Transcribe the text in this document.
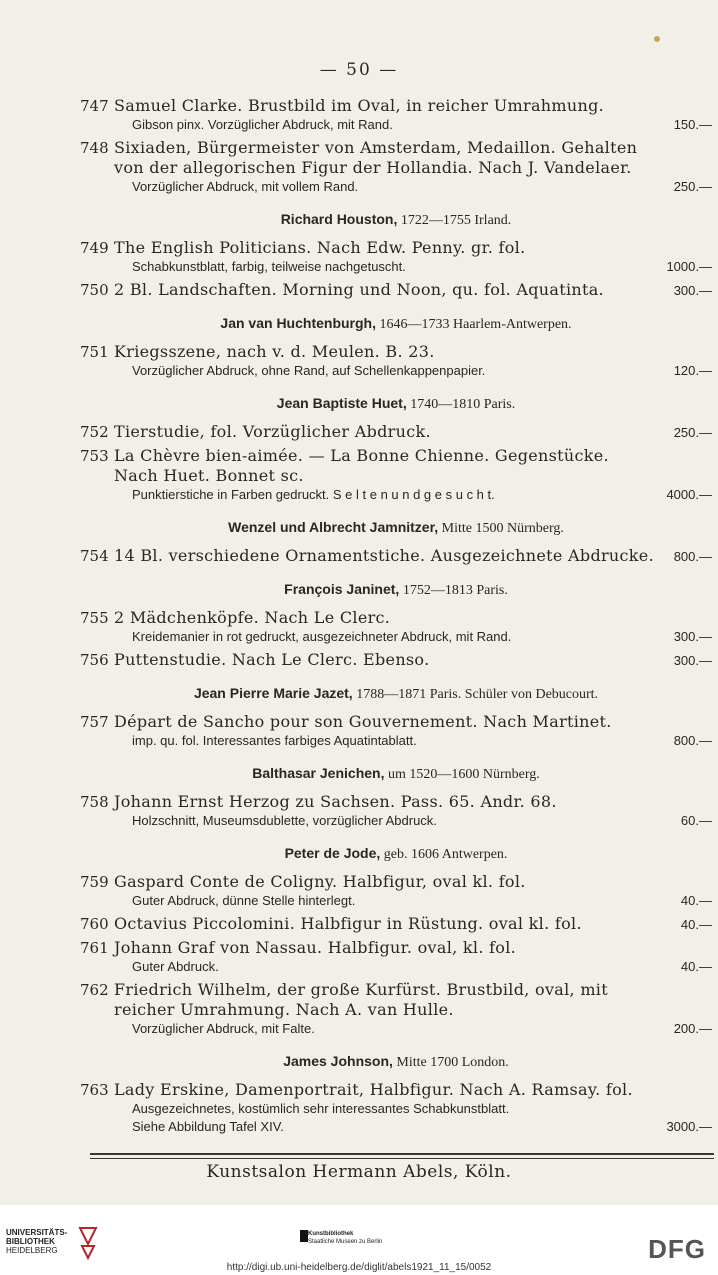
— 50 —
747 Samuel Clarke. Brustbild im Oval, in reicher Umrahmung.
Gibson pinx. Vorzüglicher Abdruck, mit Rand.	150.—
748 Sixiaden, Bürgermeister von Amsterdam, Medaillon. Gehalten
von der allegorischen Figur der Hollandia. Nach J. Vandelaer.
Vorzüglicher Abdruck, mit vollem Rand.	250.—
Richard Houston, 1722—1755 Irland.
749 The English Politicians. Nach Edw. Penny. gr. fol.
Schabkunstblatt, farbig, teilweise nachgetuscht.	1000.—
750 2 Bl. Landschaften. Morning und Noon, qu. fol. Aquatinta.	300.—
Jan van Huchtenburgh, 1646—1733 Haarlem-Antwerpen.
751 Kriegsszene, nach v. d. Meulen. B. 23.
Vorzüglicher Abdruck, ohne Rand, auf Schellenkappenpapier.	120.—
Jean Baptiste Huet, 1740—1810 Paris.
752 Tierstudie, fol. Vorzüglicher Abdruck.	250.—
753 La Chèvre bien-aimée. — La Bonne Chienne. Gegenstücke.
Nach Huet. Bonnet sc.
Punktierstiche in Farben gedruckt. S e l t e n u n d g e s u c h t.	4000.—
Wenzel und Albrecht Jamnitzer, Mitte 1500 Nürnberg.
754 14 Bl. verschiedene Ornamentstiche. Ausgezeichnete Abdrucke.	800.—
François Janinet, 1752—1813 Paris.
755 2 Mädchenköpfe. Nach Le Clerc.
Kreidemanier in rot gedruckt, ausgezeichneter Abdruck, mit Rand.	300.—
756 Puttenstudie. Nach Le Clerc. Ebenso.	300.—
Jean Pierre Marie Jazet, 1788—1871 Paris. Schüler von Debucourt.
757 Départ de Sancho pour son Gouvernement. Nach Martinet.
imp. qu. fol. Interessantes farbiges Aquatintablatt.	800.—
Balthasar Jenichen, um 1520—1600 Nürnberg.
758 Johann Ernst Herzog zu Sachsen. Pass. 65. Andr. 68.
Holzschnitt, Museumsdublette, vorzüglicher Abdruck.	60.—
Peter de Jode, geb. 1606 Antwerpen.
759 Gaspard Conte de Coligny. Halbfigur, oval kl. fol.
Guter Abdruck, dünne Stelle hinterlegt.	40.—
760 Octavius Piccolomini. Halbfigur in Rüstung. oval kl. fol.	40.—
761 Johann Graf von Nassau. Halbfigur. oval, kl. fol.
Guter Abdruck.	40.—
762 Friedrich Wilhelm, der große Kurfürst. Brustbild, oval, mit
reicher Umrahmung. Nach A. van Hulle.
Vorzüglicher Abdruck, mit Falte.	200.—
James Johnson, Mitte 1700 London.
763 Lady Erskine, Damenportrait, Halbfigur. Nach A. Ramsay. fol.
Ausgezeichnetes, kostümlich sehr interessantes Schabkunstblatt.
Siehe Abbildung Tafel XIV.	3000.—
Kunstsalon Hermann Abels, Köln.
UNIVERSITÄTS-
BIBLIOTHEK
HEIDELBERG
Kunstbibliothek
Staatliche Museen zu Berlin	DFG
http://digi.ub.uni-heidelberg.de/diglit/abels1921_11_15/0052
